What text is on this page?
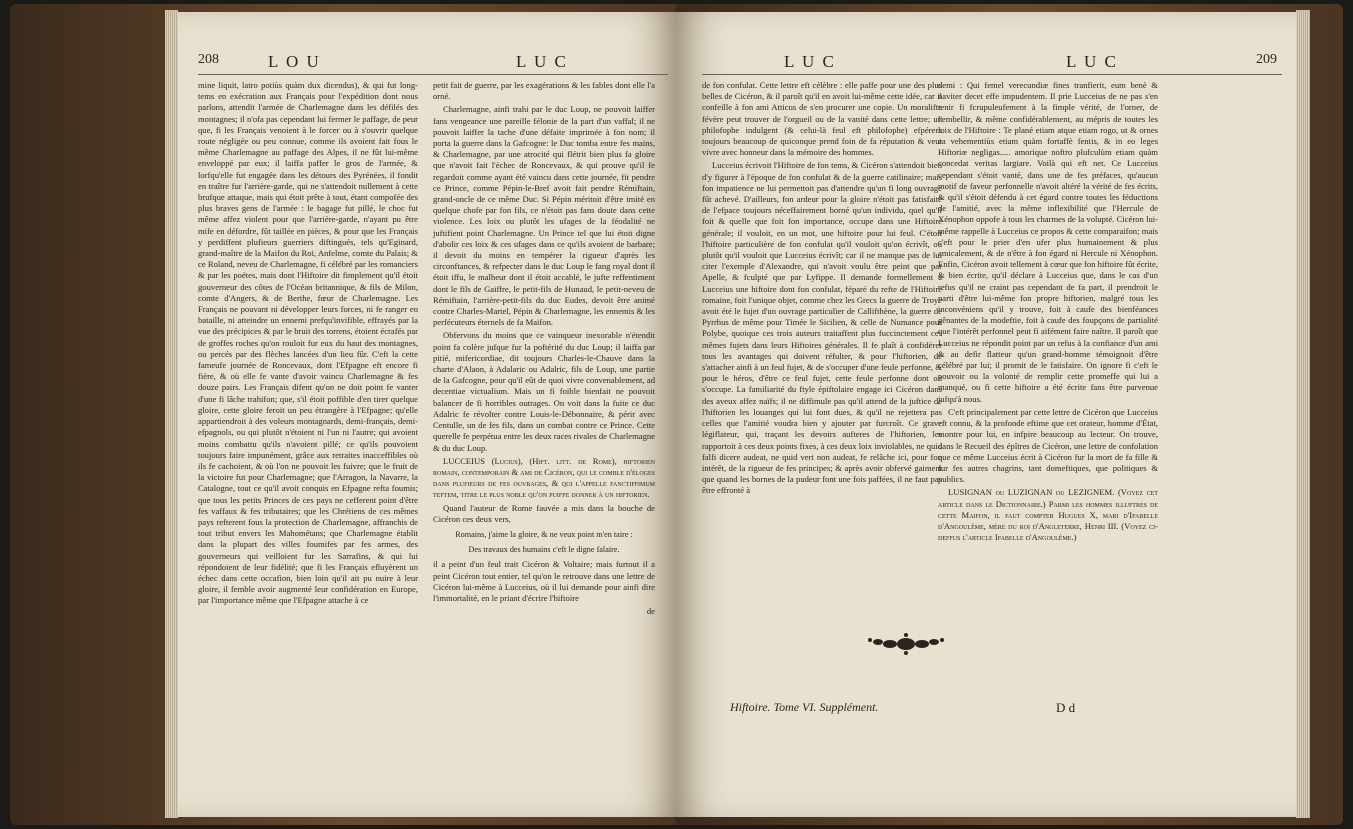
208	L O U	L U C

mine liquit, latro potiùs quàm dux dicendus), & qui fut long-tems en exécration aux Français pour l'expédition dont nous parlons, attendit l'armée de Charlemagne dans les défilés des montagnes; il n'ofa pas cependant lui fermer le paffage, de peur que, fi les Français venoient à le forcer ou à s'ouvrir quelque route négligée ou peu connue, comme ils avoient fait fous le même Charlemagne au paffage des Alpes, il ne fût lui-même enveloppé par eux; il laiffa paffer le gros de l'armée, & lorfqu'elle fut engagée dans les détours des Pyrénées, il fondit en traître fur l'arrière-garde, qui ne s'attendoit nullement à cette brufque attaque, mais qui étoit prête à tout, étant compofée des plus braves gens de l'armée : le bagage fut pillé, le choc fut même affez violent pour que l'arrière-garde, n'ayant pu être mife en défordre, fût taillée en pièces, & pour que les Français y perdiffent plufieurs guerriers diftingués, tels qu'Eginard, grand-maître de la Maifon du Roi, Anfelme, comte du Palais; & ce Roland, neveu de Charlemagne, fi célébré par les romanciers & par les poëtes, mais dont l'Hiftoire dit fimplement qu'il étoit gouverneur des côtes de l'Océan britannique, & fils de Milon, comte d'Angers, & de Berthe, fœur de Charlemagne. Les Français ne pouvant ni développer leurs forces, ni fe ranger en bataille, ni atteindre un ennemi prefqu'invifible, effrayés par la vue des précipices & par le bruit des torrens, étoient écrafés par de groffes roches qu'on rouloit fur eux du haut des montagnes, ou percés par des flèches lancées d'un lieu fûr. C'eft la cette fameufe journée de Roncevaux, dont l'Efpagne eft encore fi fière, & où elle fe vante d'avoir vaincu Charlemagne & fes douze pairs. Les Français difent qu'on ne doit point fe vanter d'une fi lâche trahifon; que, s'il étoit poffible d'en tirer quelque gloire, cette gloire feroit un peu étrangère à l'Efpagne; qu'elle appartiendroit à des voleurs montagnards, demi-français, demi-efpagnols, ou qui plutôt n'étoient ni l'un ni l'autre; qui avoient moins combattu qu'ils n'avoient pillé; ce qu'ils pouvoient toujours faire impunément, grâce aux retraites inacceffibles où ils fe cachoient, & où l'on ne pouvoit les fuivre; que le fruit de la victoire fut pour Charlemagne; que l'Arragon, la Navarre, la Catalogne, tout ce qu'il avoit conquis en Efpagne refta foumis; que tous les petits Princes de ces pays ne cefferent point d'être fes vaffaux & fes tributaires; que les Chrétiens de ces mêmes pays refterent fous la protection de Charlemagne, affranchis de tout tribut envers les Mahométans; que Charlemagne établit dans la plupart des villes foumifes par fes armes, des gouverneurs qui veilloient fur les Sarrafins, & qui lui répondoient de leur fidélité; que fi les Français efluyèrent un échec dans cette occafion, bien loin qu'il ait pu nuire à leur gloire, il femble avoir augmenté leur confidération en Europe, par l'importance même que l'Efpagne attache à ce

petit fait de guerre, par les exagérations & les fables dont elle l'a orné.

Charlemagne, ainfi trahi par le duc Loup, ne pouvoit laiffer fans vengeance une pareille félonie de la part d'un vaffal; il ne pouvoit laiffer la tache d'une défaite imprimée à fon nom; il porta la guerre dans la Gafcogne: le Duc tomba entre fes mains, & Charlemagne, par une atrocité qui flétrit bien plus fa gloire que n'avoit fait l'échec de Roncevaux, & qui prouve qu'il fe regardoit comme ayant été vaincu dans cette journée, fit pendre ce Prince, comme Pépin-le-Bref avoit fait pendre Rémiftain, grand-oncle de ce même Duc. Si Pépin méritoit d'être imité en quelque chofe par fon fils, ce n'étoit pas fans doute dans cette violence. Les loix ou plutôt les ufages de la féodalité ne juftifient point Charlemagne. Un Prince tel que lui étoit digne d'abolir ces loix & ces ufages dans ce qu'ils avoient de barbare; il devoit du moins en tempérer la rigueur d'après les circonftances, & refpecter dans le duc Loup le fang royal dont il étoit iffu, le malheur dont il étoit accablé, le jufte reffentiment dont le fils de Gaiffre, le petit-fils de Hunaud, le petit-neveu de Rémiftain, l'arrière-petit-fils du duc Eudes, devoit être animé contre Charles-Martel, Pépin & Charlemagne, les ennemis & les perfécuteurs éternels de fa Maifon.

Obfervons du moins que ce vainqueur inexorable n'étendit point fa colère jufque fur la poftérité du duc Loup; il laiffa par pitié, mifericordiae, dit toujours Charles-le-Chauve dans la charte d'Alaon, à Adalaric ou Adalric, fils de Loup, une partie de la Gafcogne, pour qu'il eût de quoi vivre convenablement, ad decentiae victualium. Mais un fi foible bienfait ne pouvoit balancer de fi horribles outrages. On voit dans la fuite ce duc Adalric fe révolter contre Louis-le-Débonnaire, & périr avec Centulle, un de fes fils, dans un combat contre ce Prince. Cette querelle fe perpétua entre les deux races rivales de Charlemagne & du duc Loup.

LUCCEIUS (Lucius), (Hift. litt. de Rome), hiftorien romain, contemporain & ami de Cicéron, qui le comble d'éloges dans plufieurs de fes ouvrages, & qui l'appelle fanctiffimum teftem, titre le plus noble qu'on puiffe donner à un hiftorien.

Quand l'auteur de Rome fauvée a mis dans la bouche de Cicéron ces deux vers,

Romains, j'aime la gloire, & ne veux point m'en taire :

Des travaux des humains c'eft le digne falaire.

il a peint d'un feul trait Cicéron & Voltaire; mais furtout il a peint Cicéron tout entier, tel qu'on le retrouve dans une lettre de Cicéron lui-même à Lucceius, où il lui demande pour ainfi dire l'immortalité, en le priant d'écrire l'hiftoire

de

L U C	L U C	209

de fon confulat. Cette lettre eft célèbre : elle paffe pour une des plus belles de Cicéron, & il paroît qu'il en avoit lui-même cette idée, car il confeille à fon ami Atticus de s'en procurer une copie. Un moralifte févère peut trouver de l'orgueil ou de la vanité dans cette lettre; un philofophe indulgent (& celui-là feul eft philofophe) efpérera toujours beaucoup de quiconque prend foin de fa réputation & veut vivre avec honneur dans la mémoire des hommes.

Lucceius écrivoit l'Hiftoire de fon tems, & Cicéron s'attendoit bien d'y figurer à l'époque de fon confulat & de la guerre catilinaire; mais fon impatience ne lui permettoit pas d'attendre qu'un fi long ouvrage fût achevé. D'ailleurs, fon ardeur pour la gloire n'étoit pas fatisfaite de l'efpace toujours néceffairement borné qu'un individu, quel qu'il foit & quelle que foit fon importance, occupe dans une Hiftoire générale; il vouloit, en un mot, une hiftoire pour lui feul. C'étoit l'hiftoire particulière de fon confulat qu'il vouloit qu'on écrivît, ou plutôt qu'il vouloit que Lucceius écrivît; car il ne manque pas de lui citer l'exemple d'Alexandre, qui n'avoit voulu être peint que par Apelle, & fculpté que par Lyfippe. Il demande formellement à Lucceius une hiftoire dont fon confulat, féparé du refte de l'Hiftoire romaine, foit l'unique objet, comme chez les Grecs la guerre de Troye avoit été le fujet d'un ouvrage particulier de Callifthène, la guerre de Pyrrhus de même pour Timée le Sicilien, & celle de Numance pour Polybe, quoique ces trois auteurs traitaffent plus fuccinctement ces mêmes fujets dans leurs Hiftoires générales. Il fe plaît à confidérer tous les avantages qui doivent réfulter, & pour l'hiftorien, de s'attacher ainfi à un feul fujet, & de s'occuper d'une feule perfonne, & pour le héros, d'être ce feul fujet, cette feule perfonne dont on s'occupe. La familiarité du ftyle épiftolaire engage ici Cicéron dans des aveux affez naïfs; il ne diffimule pas qu'il attend de la juftice de l'hiftorien les louanges qui lui font dues, & qu'il ne rejettera pas celles que l'amitié voudra bien y ajouter par furcroît. Ce grave légiflateur, qui, traçant les devoirs aufteres de l'hiftorien, les rapportoit à ces deux points fixes, à ces deux loix inviolables, ne quid falfi dicere audeat, ne quid veri non audeat, fe relâche ici, pour fon intérêt, de la rigueur de fes principes; & après avoir obfervé gaiment que quand les bornes de la pudeur font une fois paffées, il ne faut pas être effronté à

demi : Qui femel verecundiæ fines tranfierit, eum benè & naviter decet effe impudentem. Il prie Lucceius de ne pas s'en tenir fi fcrupuleufement à la fimple vérité, de l'orner, de l'embellir, & même confidérablement, au mépris de toutes les loix de l'Hiftoire : Te plané etiam atque etiam rogo, ut & ornes ea vehementiùs etiam quàm fortaffè fentis, & in eo leges Hiftoriæ negligas..... amorique noftro plufculùm etiam quàm concedat veritas largiare. Voilà qui eft net. Ce Lucceius cependant s'étoit vanté, dans une de fes préfaces, qu'aucun motif de faveur perfonnelle n'avoit altéré la vérité de fes écrits, & qu'il s'étoit défendu à cet égard contre toutes les féductions de l'amitié, avec la même inflexibilité que l'Hercule de Xénophon oppofe à tous les charmes de la volupté. Cicéron lui-même rappelle à Lucceius ce propos & cette comparaifon; mais c'eft pour le prier d'en ufer plus humainement & plus amicalement, & de n'être à fon égard ni Hercule ni Xénophon. Enfin, Cicéron avoit tellement à cœur que fon hiftoire fût écrite, & bien écrite, qu'il déclare à Lucceius que, dans le cas d'un refus qu'il ne craint pas cependant de fa part, il prendroit le parti d'être lui-même fon propre hiftorien, malgré tous les inconvéniens qu'il y trouve, foit à caufe des bienféances gênantes de la modeftie, foit à caufe des foupçons de partialité que l'intérêt perfonnel peut fi aifément faire naître. Il paroît que Lucceius ne répondit point par un refus à la confiance d'un ami & au defir flatteur qu'un grand-homme témoignoit d'être célébré par lui; il promit de le fatisfaire. On ignore fi c'eft le pouvoir ou la volonté de remplir cette promeffe qui lui a manqué, ou fi cette hiftoire a été écrite fans être parvenue jufqu'à nous.

C'eft principalement par cette lettre de Cicéron que Lucceius eft connu, & la profonde eftime que cet orateur, homme d'État, montre pour lui, en infpire beaucoup au lecteur. On trouve, dans le Recueil des épîtres de Cicéron, une lettre de confolation que ce même Lucceius écrit à Cicéron fur la mort de fa fille & fur fes autres chagrins, tant domeftiques, que politiques & publics.

LUSIGNAN ou LUZIGNAN ou LEZIGNEM. (Voyez cet article dans le Dictionnaire.) Parmi les hommes illuftres de cette Maifon, il faut compter Hugues X, mari d'Ifabelle d'Angoulême, mère du roi d'Angleterre, Henri III. (Voyez ci-deffus l'article Ifabelle d'Angoulême.)

Hiftoire. Tome VI. Supplément.	D d
